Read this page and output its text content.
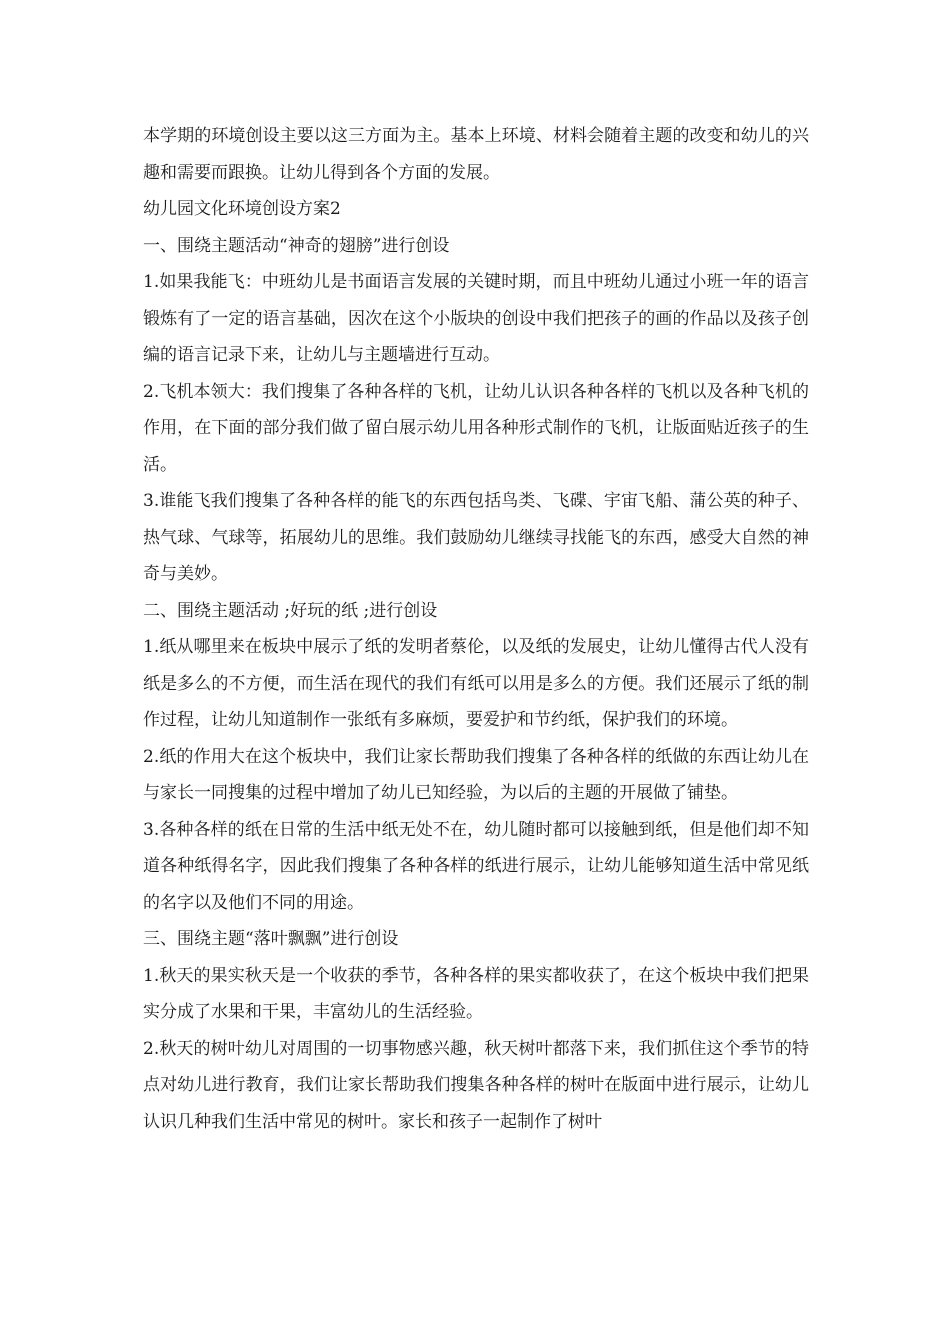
本学期的环境创设主要以这三方面为主。基本上环境、材料会随着主题的改变和幼儿的兴趣和需要而跟换。让幼儿得到各个方面的发展。

幼儿园文化环境创设方案2

一、围绕主题活动“神奇的翅膀”进行创设

1.如果我能飞：中班幼儿是书面语言发展的关键时期，而且中班幼儿通过小班一年的语言锻炼有了一定的语言基础，因次在这个小版块的创设中我们把孩子的画的作品以及孩子创编的语言记录下来，让幼儿与主题墙进行互动。

2.飞机本领大：我们搜集了各种各样的飞机，让幼儿认识各种各样的飞机以及各种飞机的作用，在下面的部分我们做了留白展示幼儿用各种形式制作的飞机，让版面贴近孩子的生活。

3.谁能飞我们搜集了各种各样的能飞的东西包括鸟类、飞碟、宇宙飞船、蒲公英的种子、热气球、气球等，拓展幼儿的思维。我们鼓励幼儿继续寻找能飞的东西，感受大自然的神奇与美妙。

二、围绕主题活动 ;好玩的纸 ;进行创设

1.纸从哪里来在板块中展示了纸的发明者蔡伦，以及纸的发展史，让幼儿懂得古代人没有纸是多么的不方便，而生活在现代的我们有纸可以用是多么的方便。我们还展示了纸的制作过程，让幼儿知道制作一张纸有多麻烦，要爱护和节约纸，保护我们的环境。

2.纸的作用大在这个板块中，我们让家长帮助我们搜集了各种各样的纸做的东西让幼儿在与家长一同搜集的过程中增加了幼儿已知经验，为以后的主题的开展做了铺垫。

3.各种各样的纸在日常的生活中纸无处不在，幼儿随时都可以接触到纸，但是他们却不知道各种纸得名字，因此我们搜集了各种各样的纸进行展示，让幼儿能够知道生活中常见纸的名字以及他们不同的用途。

三、围绕主题“落叶飘飘”进行创设

1.秋天的果实秋天是一个收获的季节，各种各样的果实都收获了，在这个板块中我们把果实分成了水果和干果，丰富幼儿的生活经验。

2.秋天的树叶幼儿对周围的一切事物感兴趣，秋天树叶都落下来，我们抓住这个季节的特点对幼儿进行教育，我们让家长帮助我们搜集各种各样的树叶在版面中进行展示，让幼儿认识几种我们生活中常见的树叶。家长和孩子一起制作了树叶
